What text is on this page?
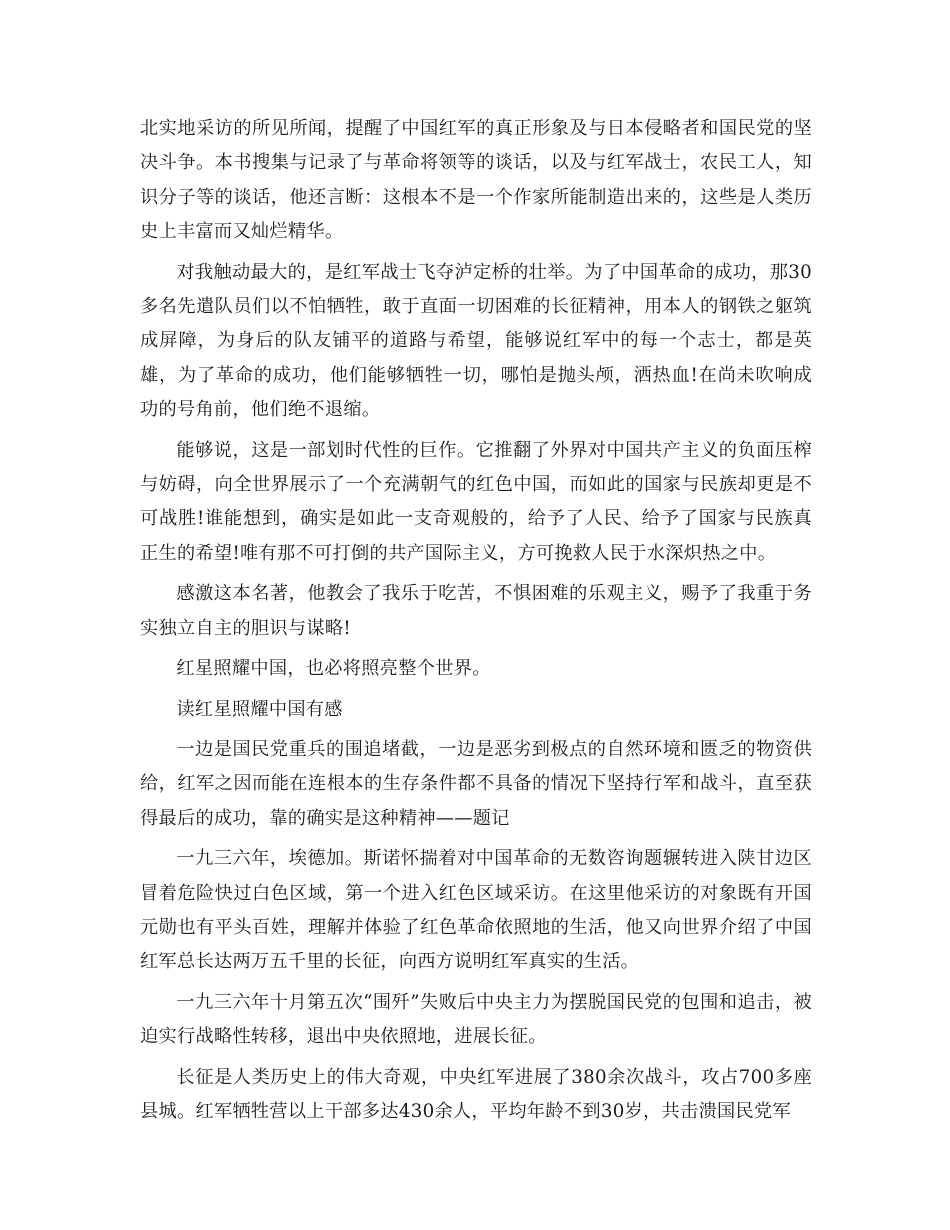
北实地采访的所见所闻，提醒了中国红军的真正形象及与日本侵略者和国民党的坚决斗争。本书搜集与记录了与革命将领等的谈话，以及与红军战士，农民工人，知识分子等的谈话，他还言断：这根本不是一个作家所能制造出来的，这些是人类历史上丰富而又灿烂精华。

对我触动最大的，是红军战士飞夺泸定桥的壮举。为了中国革命的成功，那30多名先遣队员们以不怕牺牲，敢于直面一切困难的长征精神，用本人的钢铁之躯筑成屏障，为身后的队友铺平的道路与希望，能够说红军中的每一个志士，都是英雄，为了革命的成功，他们能够牺牲一切，哪怕是抛头颅，洒热血!在尚未吹响成功的号角前，他们绝不退缩。

能够说，这是一部划时代性的巨作。它推翻了外界对中国共产主义的负面压榨与妨碍，向全世界展示了一个充满朝气的红色中国，而如此的国家与民族却更是不可战胜!谁能想到，确实是如此一支奇观般的，给予了人民、给予了国家与民族真正生的希望!唯有那不可打倒的共产国际主义，方可挽救人民于水深炽热之中。

感激这本名著，他教会了我乐于吃苦，不惧困难的乐观主义，赐予了我重于务实独立自主的胆识与谋略!

红星照耀中国，也必将照亮整个世界。

读红星照耀中国有感

一边是国民党重兵的围追堵截，一边是恶劣到极点的自然环境和匮乏的物资供给，红军之因而能在连根本的生存条件都不具备的情况下坚持行军和战斗，直至获得最后的成功，靠的确实是这种精神——题记

一九三六年，埃德加。斯诺怀揣着对中国革命的无数咨询题辗转进入陕甘边区冒着危险快过白色区域，第一个进入红色区域采访。在这里他采访的对象既有开国元勋也有平头百姓，理解并体验了红色革命依照地的生活，他又向世界介绍了中国红军总长达两万五千里的长征，向西方说明红军真实的生活。

一九三六年十月第五次“围歼”失败后中央主力为摆脱国民党的包围和追击，被迫实行战略性转移，退出中央依照地，进展长征。

长征是人类历史上的伟大奇观，中央红军进展了380余次战斗，攻占700多座县城。红军牺牲营以上干部多达430余人，平均年龄不到30岁，共击溃国民党军
